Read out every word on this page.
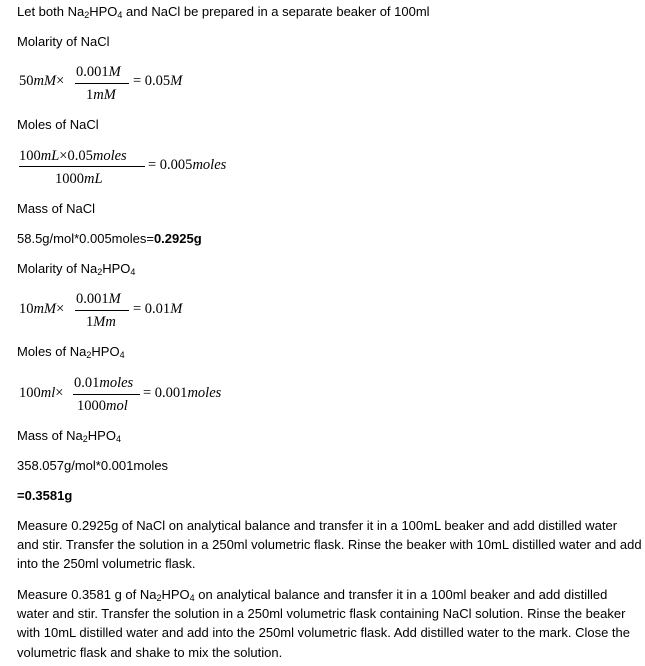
Let both $Na_2HPO_4$ and NaCl be prepared in a separate beaker of 100ml
Molarity of NaCl
50mM×
0.001M
1mM
= 0.05M
Moles of NaCl
100mL×0.05moles
1000mL
= 0.005moles
Mass of NaCl
58.5g/mol*0.005moles=0.2925g
Molarity of $Na_2HPO_4$
10mM×
0.001M
1Mm
= 0.01M
Moles of $Na_2HPO_4$
100ml×
0.01moles
1000mol
= 0.001moles
Mass of $Na_2HPO_4$
358.057g/mol*0.001moles
=0.3581g
Measure 0.2925g of NaCl on analytical balance and transfer it in a 100mL beaker and add distilled water and stir. Transfer the solution in a 250ml volumetric flask. Rinse the beaker with 10mL distilled water and add into the 250ml volumetric flask.
Measure 0.3581 g of $Na_2HPO_4$ on analytical balance and transfer it in a 100ml beaker and add distilled water and stir. Transfer the solution in a 250ml volumetric flask containing NaCl solution. Rinse the beaker with 10mL distilled water and add into the 250ml volumetric flask. Add distilled water to the mark. Close the volumetric flask and shake to mix the solution.
